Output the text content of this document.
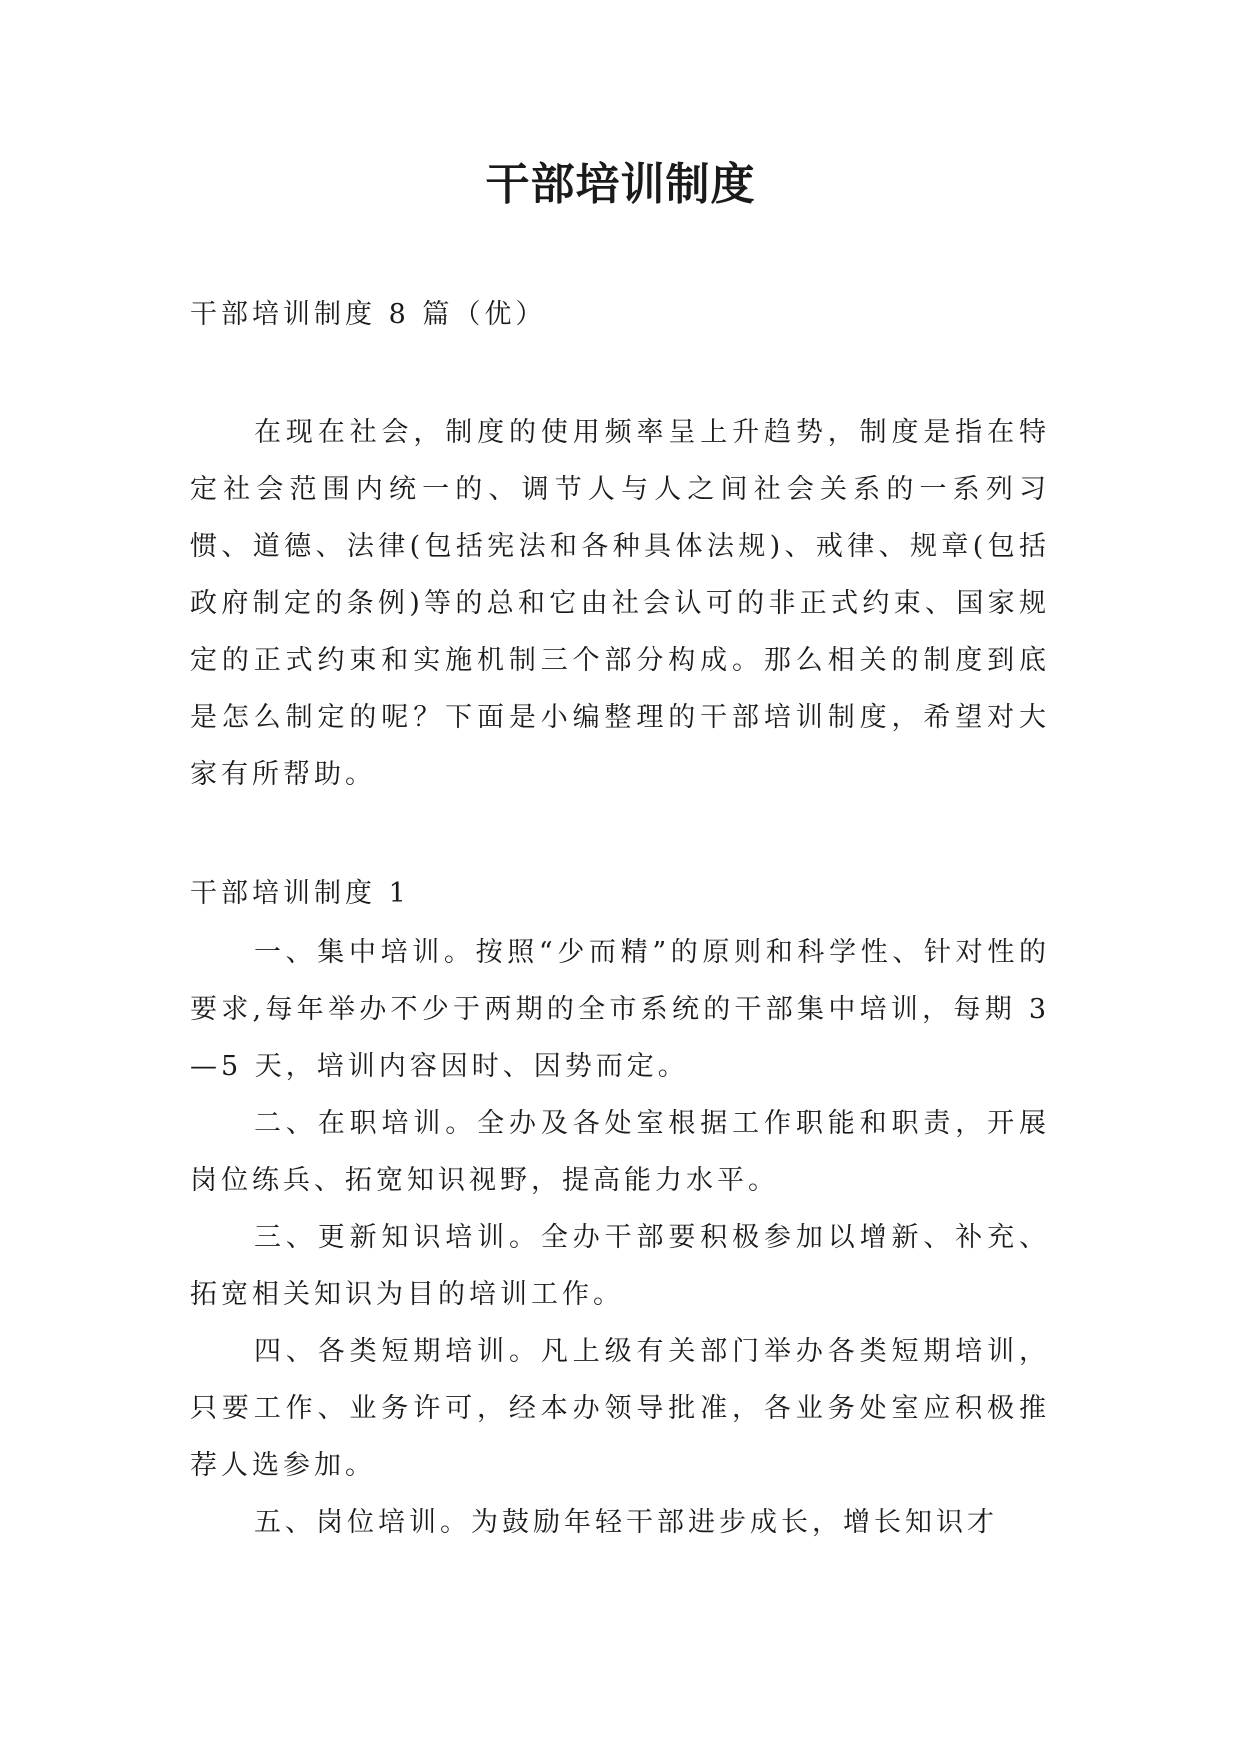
干部培训制度

干部培训制度 8 篇（优）

在现在社会，制度的使用频率呈上升趋势，制度是指在特定社会范围内统一的、调节人与人之间社会关系的一系列习惯、道德、法律(包括宪法和各种具体法规)、戒律、规章(包括政府制定的条例)等的总和它由社会认可的非正式约束、国家规定的正式约束和实施机制三个部分构成。那么相关的制度到底是怎么制定的呢？下面是小编整理的干部培训制度，希望对大家有所帮助。

干部培训制度 1

一、集中培训。按照“少而精”的原则和科学性、针对性的要求,每年举办不少于两期的全市系统的干部集中培训，每期 3—5 天，培训内容因时、因势而定。

二、在职培训。全办及各处室根据工作职能和职责，开展岗位练兵、拓宽知识视野，提高能力水平。

三、更新知识培训。全办干部要积极参加以增新、补充、拓宽相关知识为目的培训工作。

四、各类短期培训。凡上级有关部门举办各类短期培训，只要工作、业务许可，经本办领导批准，各业务处室应积极推荐人选参加。

五、岗位培训。为鼓励年轻干部进步成长，增长知识才
